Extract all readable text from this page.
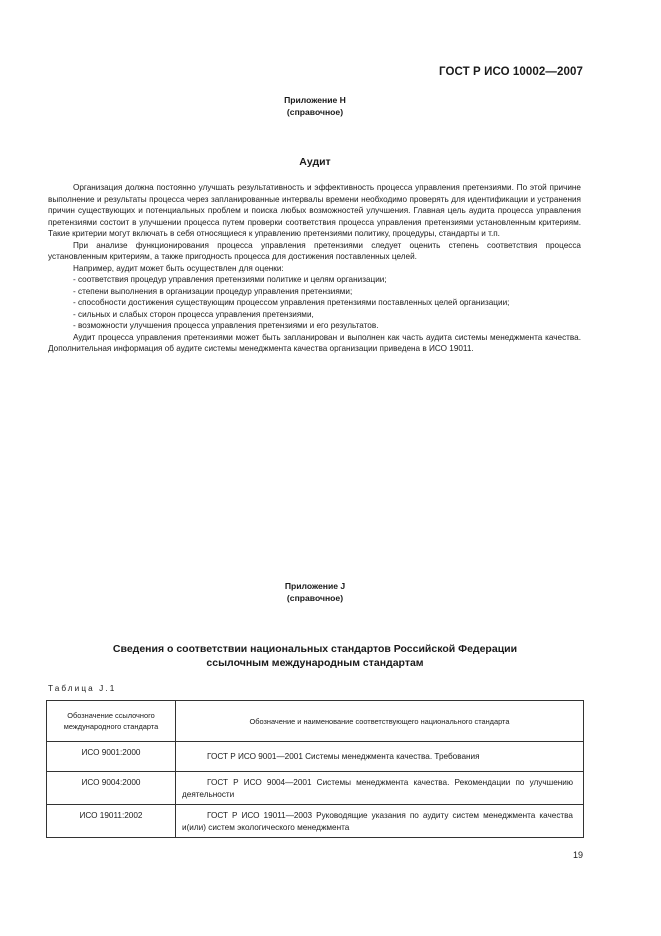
ГОСТ Р ИСО 10002—2007
Приложение Н
(справочное)
Аудит

Организация должна постоянно улучшать результативность и эффективность процесса управления претензиями. По этой причине выполнение и результаты процесса через запланированные интервалы времени необходимо проверять для идентификации и устранения причин существующих и потенциальных проблем и поиска любых возможностей улучшения. Главная цель аудита процесса управления претензиями состоит в улучшении процесса путем проверки соответствия процесса управления претензиями установленным критериям. Такие критерии могут включать в себя относящиеся к управлению претензиями политику, процедуры, стандарты и т.п.

При анализе функционирования процесса управления претензиями следует оценить степень соответствия процесса установленным критериям, а также пригодность процесса для достижения поставленных целей.

Например, аудит может быть осуществлен для оценки:

- соответствия процедур управления претензиями политике и целям организации;

- степени выполнения в организации процедур управления претензиями;

- способности достижения существующим процессом управления претензиями поставленных целей организации;

- сильных и слабых сторон процесса управления претензиями,

- возможности улучшения процесса управления претензиями и его результатов.

Аудит процесса управления претензиями может быть запланирован и выполнен как часть аудита системы менеджмента качества. Дополнительная информация об аудите системы менеджмента качества организации приведена в ИСО 19011.

Приложение J
(справочное)
Сведения о соответствии национальных стандартов Российской Федерации
ссылочным международным стандартам
Таблица J.1
Обозначение ссылочного
международного стандарта	Обозначение и наименование соответствующего национального стандарта
ИСО 9001:2000	ГОСТ Р ИСО 9001—2001 Системы менеджмента качества. Требования

ИСО 9004:2000	ГОСТ Р ИСО 9004—2001 Системы менеджмента качества. Рекомендации по улучшению деятельности

ИСО 19011:2002	ГОСТ Р ИСО 19011—2003 Руководящие указания по аудиту систем менеджмента качества и(или) систем экологического менеджмента
19
